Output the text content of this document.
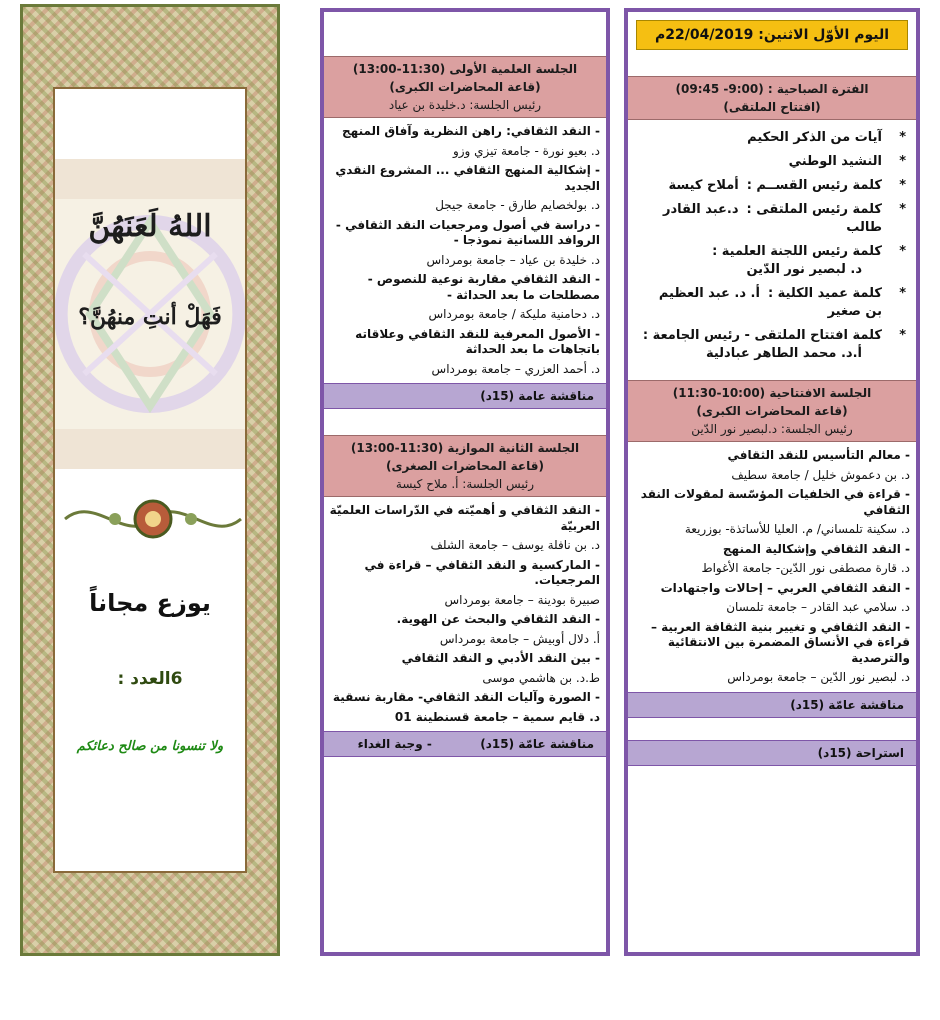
اللهُ لَعَنَهُنَّ
فَهَلْ أنتِ منهُنَّ؟
يوزع مجاناً
6العدد :
ولا تنسونا من صالح دعائكم
اليوم الأوّل الاثنين: 22/04/2019م
الفترة الصباحية : (9:00- 09:45)
(افتتاح الملتقى)
*
آيات من الذكر الحكيم
*
النشيد الوطني
*
كلمة رئيس القســم :أملاح كيسة
*
كلمة رئيس الملتقى :د.عبد القادر طالب
*
كلمة رئيس اللجنة العلمية :
د. لبصير نور الدّين
*
كلمة عميد الكلية :أ. د. عبد العظيم بن صغير
*
كلمة افتتاح الملتقى - رئيس الجامعة :
أ.د. محمد الطاهر عبادلية
الجلسة الافتتاحية (10:00-11:30)
(قاعة المحاضرات الكبرى)
رئيس الجلسة: د.لبصير نور الدّين
- معالم التأسيس للنقد الثقافي
د. بن دعموش خليل / جامعة سطيف
- قراءة في الخلفيات المؤسّسة لمقولات النقد الثقافي
د. سكينة تلمساني/ م. العليا للأساتذة- بوزريعة
- النقد الثقافي وإشكالية المنهج
د. قارة مصطفى نور الدّين- جامعة الأغواط
- النقد الثقافي العربي – إحالات واجتهادات
د. سلامي عبد القادر – جامعة تلمسان
- النقد الثقافي و تغيير بنية الثقافة العربية – قراءة في الأنساق المضمرة بين الانتقائية والترصدية
د. لبصير نور الدّين – جامعة بومرداس
مناقشة عامّة (15د)
استراحة (15د)
الجلسة العلمية الأولى (11:30-13:00)
(قاعة المحاضرات الكبرى)
رئيس الجلسة: د.خليدة بن عياد
- النقد الثقافي: راهن النظرية وآفاق المنهج
د. بعيو نورة - جامعة تيزي وزو
- إشكالية المنهج الثقافي ... المشروع النقدي الجديد
د. بولخصايم طارق - جامعة جيجل
- دراسة في أصول ومرجعيات النقد الثقافي - الروافد اللسانية نموذجا -
د. خليدة بن عياد – جامعة بومرداس
- النقد الثقافي مقاربة نوعية للنصوص - مصطلحات ما بعد الحداثة -
د. دحامنية مليكة / جامعة بومرداس
- الأصول المعرفية للنقد الثقافي وعلاقاته باتجاهات ما بعد الحداثة
د. أحمد العزري – جامعة بومرداس
مناقشة عامة (15د)
الجلسة الثانية الموازية (11:30-13:00)
(قاعة المحاضرات الصغرى)
رئيس الجلسة: أ. ملاح كيسة
- النقد الثقافي و أهميّته في الدّراسات العلميّة العربيّة
د. بن نافلة يوسف – جامعة الشلف
- الماركسية و النقد الثقافي – قراءة في المرجعيات.
صبيرة بودينة – جامعة بومرداس
- النقد الثقافي والبحث عن الهوية.
أ. دلال أوبيش – جامعة بومرداس
- بين النقد الأدبي و النقد الثقافي
ط.د. بن هاشمي موسى
- الصورة وآليات النقد الثقافي- مقاربة نسقية
د. قايم سمية – جامعة قسنطينة 01
مناقشة عامّة (15د)  - وجبة الغداء
